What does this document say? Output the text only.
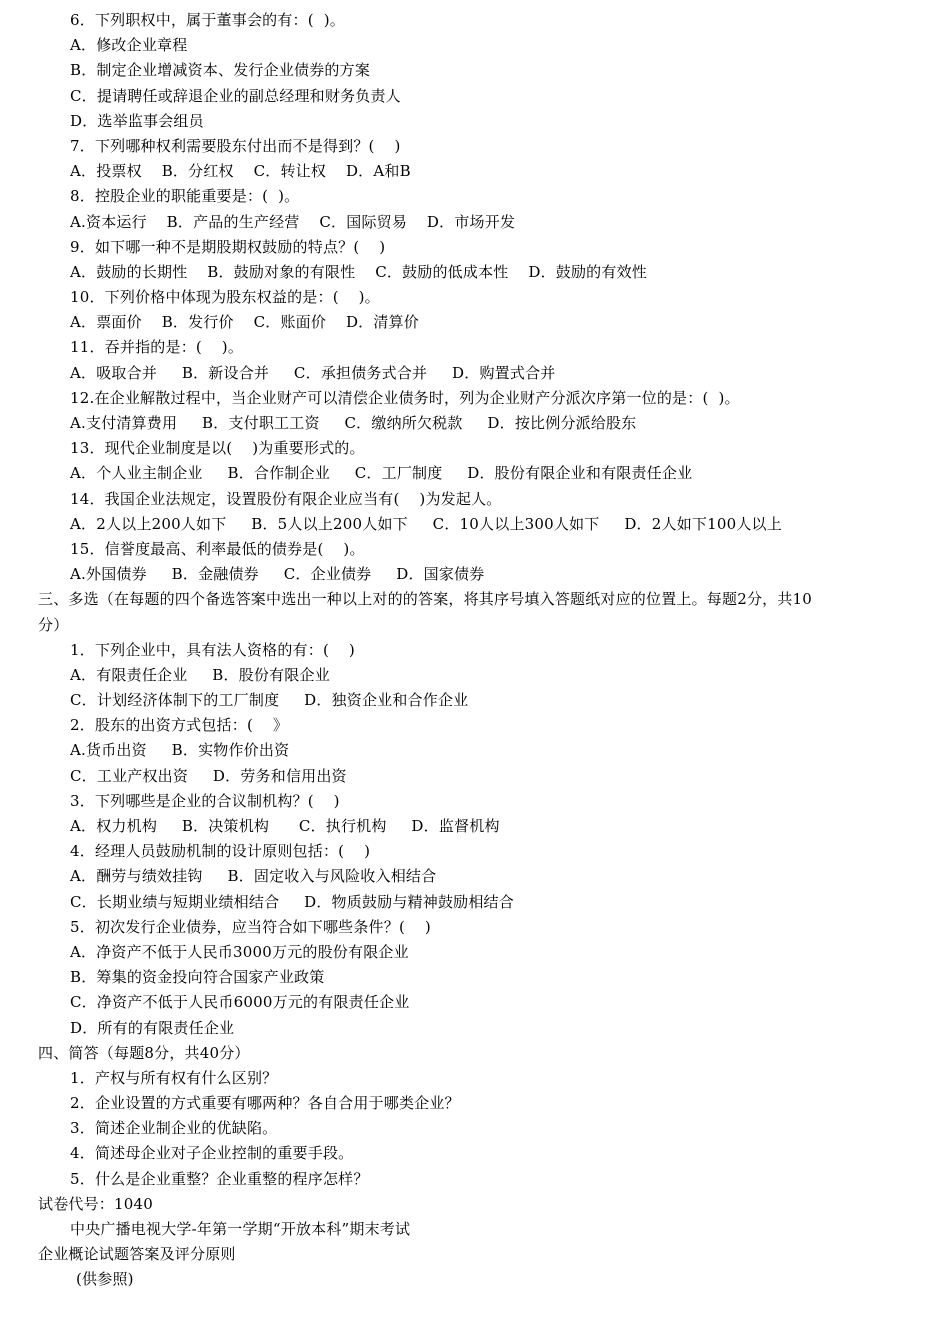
6．下列职权中，属于董事会的有：(  )。
A．修改企业章程
B．制定企业增减资本、发行企业债券的方案
C．提请聘任或辞退企业的副总经理和财务负责人
D．选举监事会组员
7．下列哪种权利需要股东付出而不是得到？(    )
A．投票权    B．分红权    C．转让权    D．A和B
8．控股企业的职能重要是：(  )。
A.资本运行    B．产品的生产经营    C．国际贸易    D．市场开发
9．如下哪一种不是期股期权鼓励的特点？(    )
A．鼓励的长期性    B．鼓励对象的有限性    C．鼓励的低成本性    D．鼓励的有效性
10．下列价格中体现为股东权益的是：(    )。
A．票面价    B．发行价    C．账面价    D．清算价
11．吞并指的是：(    )。
A．吸取合并     B．新设合并     C．承担债务式合并     D．购置式合并
12.在企业解散过程中，当企业财产可以清偿企业债务时，列为企业财产分派次序第一位的是：(  )。
A.支付清算费用     B．支付职工工资     C．缴纳所欠税款     D．按比例分派给股东
13．现代企业制度是以(    )为重要形式的。
A．个人业主制企业     B．合作制企业     C．工厂制度     D．股份有限企业和有限责任企业
14．我国企业法规定，设置股份有限企业应当有(    )为发起人。
A．2人以上200人如下     B．5人以上200人如下     C．10人以上300人如下     D．2人如下100人以上
15．信誉度最高、利率最低的债券是(    )。
A.外国债券     B．金融债券     C．企业债券     D．国家债券
三、多选（在每题的四个备选答案中选出一种以上对的的答案，将其序号填入答题纸对应的位置上。每题2分，共10
分）
1．下列企业中，具有法人资格的有：(    )
A．有限责任企业     B．股份有限企业
C．计划经济体制下的工厂制度     D．独资企业和合作企业
2．股东的出资方式包括：(    》
A.货币出资     B．实物作价出资
C．工业产权出资     D．劳务和信用出资
3．下列哪些是企业的合议制机构？(    )
A．权力机构     B．决策机构      C．执行机构     D．监督机构
4．经理人员鼓励机制的设计原则包括：(    )
A．酬劳与绩效挂钩     B．固定收入与风险收入相结合
C．长期业绩与短期业绩相结合     D．物质鼓励与精神鼓励相结合
5．初次发行企业债券，应当符合如下哪些条件？(    )
A．净资产不低于人民币3000万元的股份有限企业
B．筹集的资金投向符合国家产业政策
C．净资产不低于人民币6000万元的有限责任企业
D．所有的有限责任企业
四、简答（每题8分，共40分）
1．产权与所有权有什么区别？
2．企业设置的方式重要有哪两种？各自合用于哪类企业？
3．简述企业制企业的优缺陷。
4．简述母企业对子企业控制的重要手段。
5．什么是企业重整？企业重整的程序怎样？
试卷代号：1040
中央广播电视大学-年第一学期“开放本科”期末考试
企业概论试题答案及评分原则
(供参照)
